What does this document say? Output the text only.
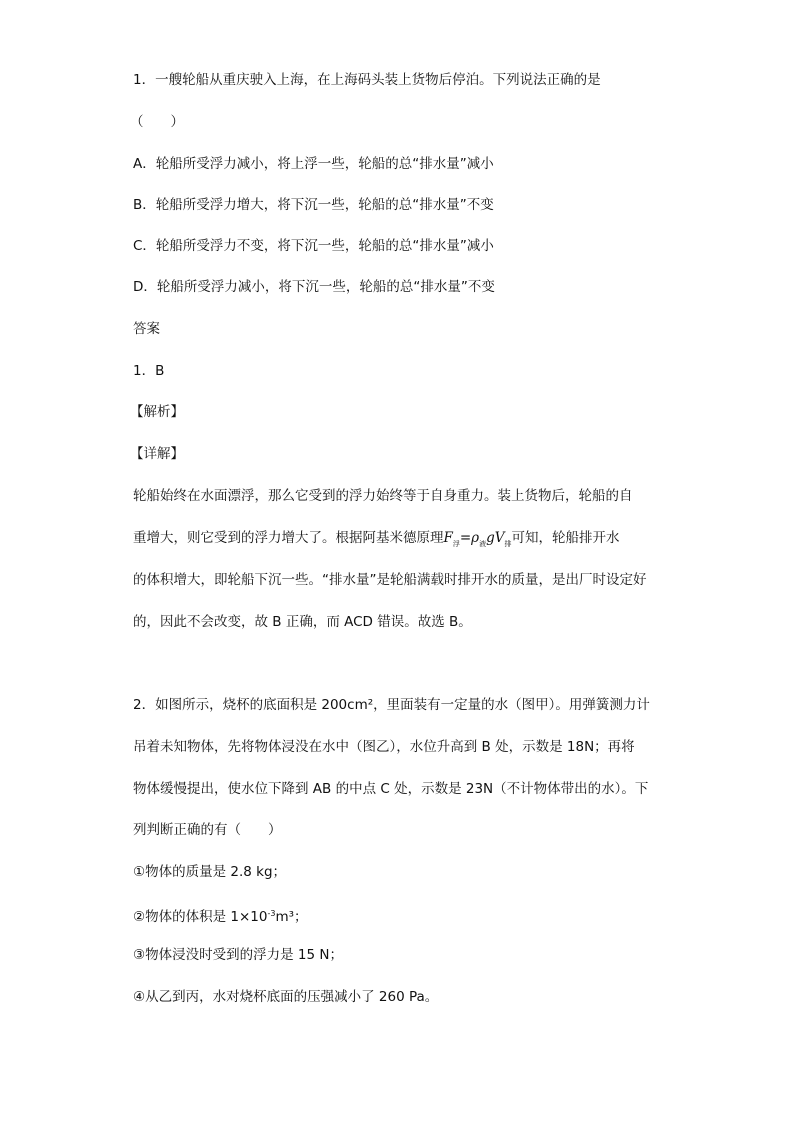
1．一艘轮船从重庆驶入上海，在上海码头装上货物后停泊。下列说法正确的是
（　　）
A．轮船所受浮力减小，将上浮一些，轮船的总“排水量”减小
B．轮船所受浮力增大，将下沉一些，轮船的总“排水量”不变
C．轮船所受浮力不变，将下沉一些，轮船的总“排水量”减小
D．轮船所受浮力减小，将下沉一些，轮船的总“排水量”不变
答案
1．B
【解析】
【详解】
轮船始终在水面漂浮，那么它受到的浮力始终等于自身重力。装上货物后，轮船的自
重增大，则它受到的浮力增大了。根据阿基米德原理$F_浮=\rho_液gV_排$可知，轮船排开水
的体积增大，即轮船下沉一些。“排水量”是轮船满载时排开水的质量，是出厂时设定好
的，因此不会改变，故 B 正确，而 ACD 错误。故选 B。
2．如图所示，烧杯的底面积是 200cm²，里面装有一定量的水（图甲）。用弹簧测力计
吊着未知物体，先将物体浸没在水中（图乙），水位升高到 B 处，示数是 18N；再将
物体缓慢提出，使水位下降到 AB 的中点 C 处，示数是 23N（不计物体带出的水）。下
列判断正确的有（　　）
①物体的质量是 2.8 kg；
②物体的体积是 $1\times 10^{-3}m^3$；
③物体浸没时受到的浮力是 15 N；
④从乙到丙，水对烧杯底面的压强减小了 260 Pa。
